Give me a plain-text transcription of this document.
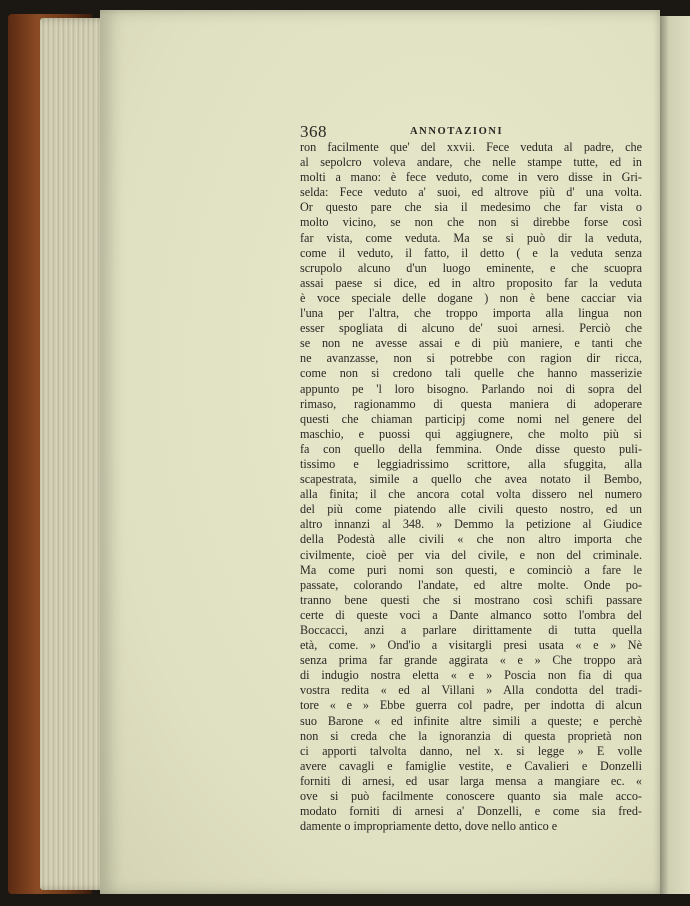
368	ANNOTAZIONI
ron facilmente que' del xxvii. Fece veduta al padre, che
al sepolcro voleva andare, che nelle stampe tutte, ed in
molti a mano: è fece veduto, come in vero disse in Gri-
selda: Fece veduto a' suoi, ed altrove più d' una volta.
Or questo pare che sia il medesimo che far vista o
molto vicino, se non che non si direbbe forse così
far vista, come veduta. Ma se si può dir la veduta,
come il veduto, il fatto, il detto ( e la veduta senza
scrupolo alcuno d'un luogo eminente, e che scuopra
assai paese si dice, ed in altro proposito far la veduta
è voce speciale delle dogane ) non è bene cacciar via
l'una per l'altra, che troppo importa alla lingua non
esser spogliata di alcuno de' suoi arnesi. Perciò che
se non ne avesse assai e di più maniere, e tanti che
ne avanzasse, non si potrebbe con ragion dir ricca,
come non si credono tali quelle che hanno masserizie
appunto pe 'l loro bisogno. Parlando noi di sopra del
rimaso, ragionammo di questa maniera di adoperare
questi che chiaman participj come nomi nel genere del
maschio, e puossi qui aggiugnere, che molto più si
fa con quello della femmina. Onde disse questo puli-
tissimo e leggiadrissimo scrittore, alla sfuggita, alla
scapestrata, simile a quello che avea notato il Bembo,
alla finita; il che ancora cotal volta dissero nel numero
del più come piatendo alle civili questo nostro, ed un
altro innanzi al 348. » Demmo la petizione al Giudice
della Podestà alle civili « che non altro importa che
civilmente, cioè per via del civile, e non del criminale.
Ma come puri nomi son questi, e cominciò a fare le
passate, colorando l'andate, ed altre molte. Onde po-
tranno bene questi che si mostrano così schifi passare
certe di queste voci a Dante almanco sotto l'ombra del
Boccacci, anzi a parlare dirittamente di tutta quella
età, come. » Ond'io a visitargli presi usata « e » Nè
senza prima far grande aggirata « e » Che troppo arà
di indugio nostra eletta « e » Poscia non fia di qua
vostra redita « ed al Villani » Alla condotta del tradi-
tore « e » Ebbe guerra col padre, per indotta di alcun
suo Barone « ed infinite altre simili a queste; e perchè
non si creda che la ignoranzia di questa proprietà non
ci apporti talvolta danno, nel x. si legge » E volle
avere cavagli e famiglie vestite, e Cavalieri e Donzelli
forniti di arnesi, ed usar larga mensa a mangiare ec. «
ove si può facilmente conoscere quanto sia male acco-
modato forniti di arnesi a' Donzelli, e come sia fred-
damente o impropriamente detto, dove nello antico e
